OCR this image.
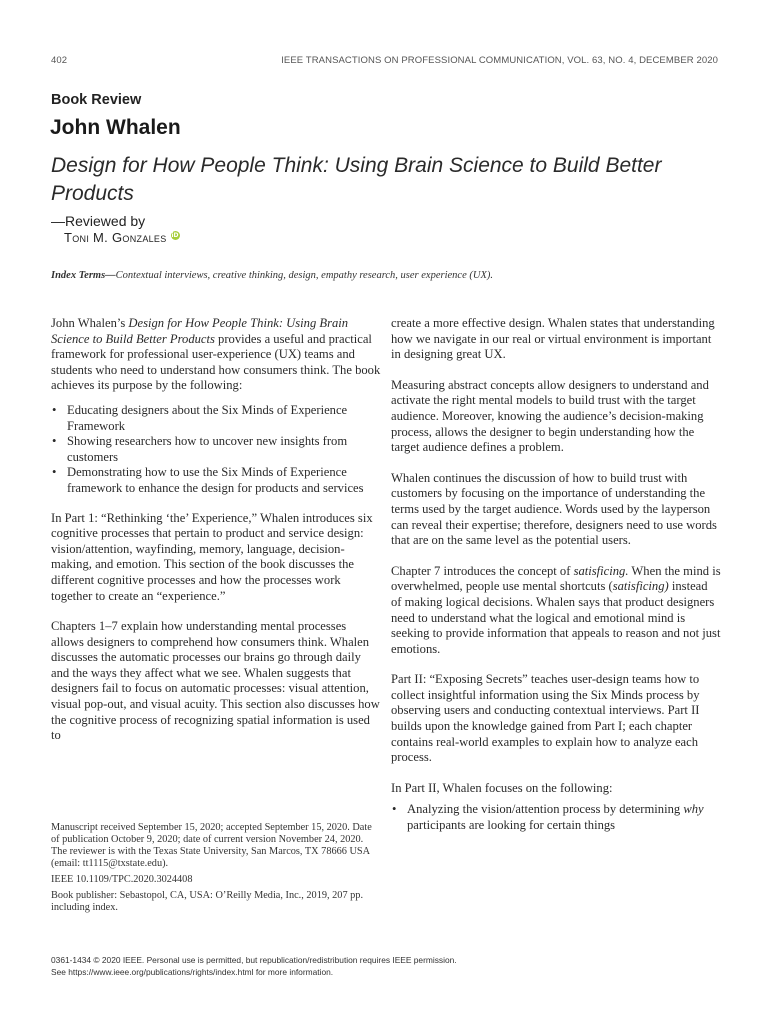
402	IEEE TRANSACTIONS ON PROFESSIONAL COMMUNICATION, VOL. 63, NO. 4, DECEMBER 2020
Book Review
John Whalen
Design for How People Think: Using Brain Science to Build Better Products
—Reviewed by
Toni M. Gonzales iD
Index Terms—Contextual interviews, creative thinking, design, empathy research, user experience (UX).

John Whalen’s Design for How People Think: Using Brain Science to Build Better Products provides a useful and practical framework for professional user-experience (UX) teams and students who need to understand how consumers think. The book achieves its purpose by the following:

• Educating designers about the Six Minds of Experience Framework
• Showing researchers how to uncover new insights from customers
• Demonstrating how to use the Six Minds of Experience framework to enhance the design for products and services

In Part 1: “Rethinking ‘the’ Experience,” Whalen introduces six cognitive processes that pertain to product and service design: vision/attention, wayfinding, memory, language, decision-making, and emotion. This section of the book discusses the different cognitive processes and how the processes work together to create an “experience.”

Chapters 1–7 explain how understanding mental processes allows designers to comprehend how consumers think. Whalen discusses the automatic processes our brains go through daily and the ways they affect what we see. Whalen suggests that designers fail to focus on automatic processes: visual attention, visual pop-out, and visual acuity. This section also discusses how the cognitive process of recognizing spatial information is used to

create a more effective design. Whalen states that understanding how we navigate in our real or virtual environment is important in designing great UX.

Measuring abstract concepts allow designers to understand and activate the right mental models to build trust with the target audience. Moreover, knowing the audience’s decision-making process, allows the designer to begin understanding how the target audience defines a problem.

Whalen continues the discussion of how to build trust with customers by focusing on the importance of understanding the terms used by the target audience. Words used by the layperson can reveal their expertise; therefore, designers need to use words that are on the same level as the potential users.

Chapter 7 introduces the concept of satisficing. When the mind is overwhelmed, people use mental shortcuts (satisficing) instead of making logical decisions. Whalen says that product designers need to understand what the logical and emotional mind is seeking to provide information that appeals to reason and not just emotions.

Part II: “Exposing Secrets” teaches user-design teams how to collect insightful information using the Six Minds process by observing users and conducting contextual interviews. Part II builds upon the knowledge gained from Part I; each chapter contains real-world examples to explain how to analyze each process.

In Part II, Whalen focuses on the following:

• Analyzing the vision/attention process by determining why participants are looking for certain things
Manuscript received September 15, 2020; accepted September 15, 2020. Date of publication October 9, 2020; date of current version November 24, 2020.
The reviewer is with the Texas State University, San Marcos, TX 78666 USA (email: tt1115@txstate.edu).
IEEE 10.1109/TPC.2020.3024408
Book publisher: Sebastopol, CA, USA: O’Reilly Media, Inc., 2019, 207 pp. including index.
0361-1434 © 2020 IEEE. Personal use is permitted, but republication/redistribution requires IEEE permission.
See https://www.ieee.org/publications/rights/index.html for more information.
